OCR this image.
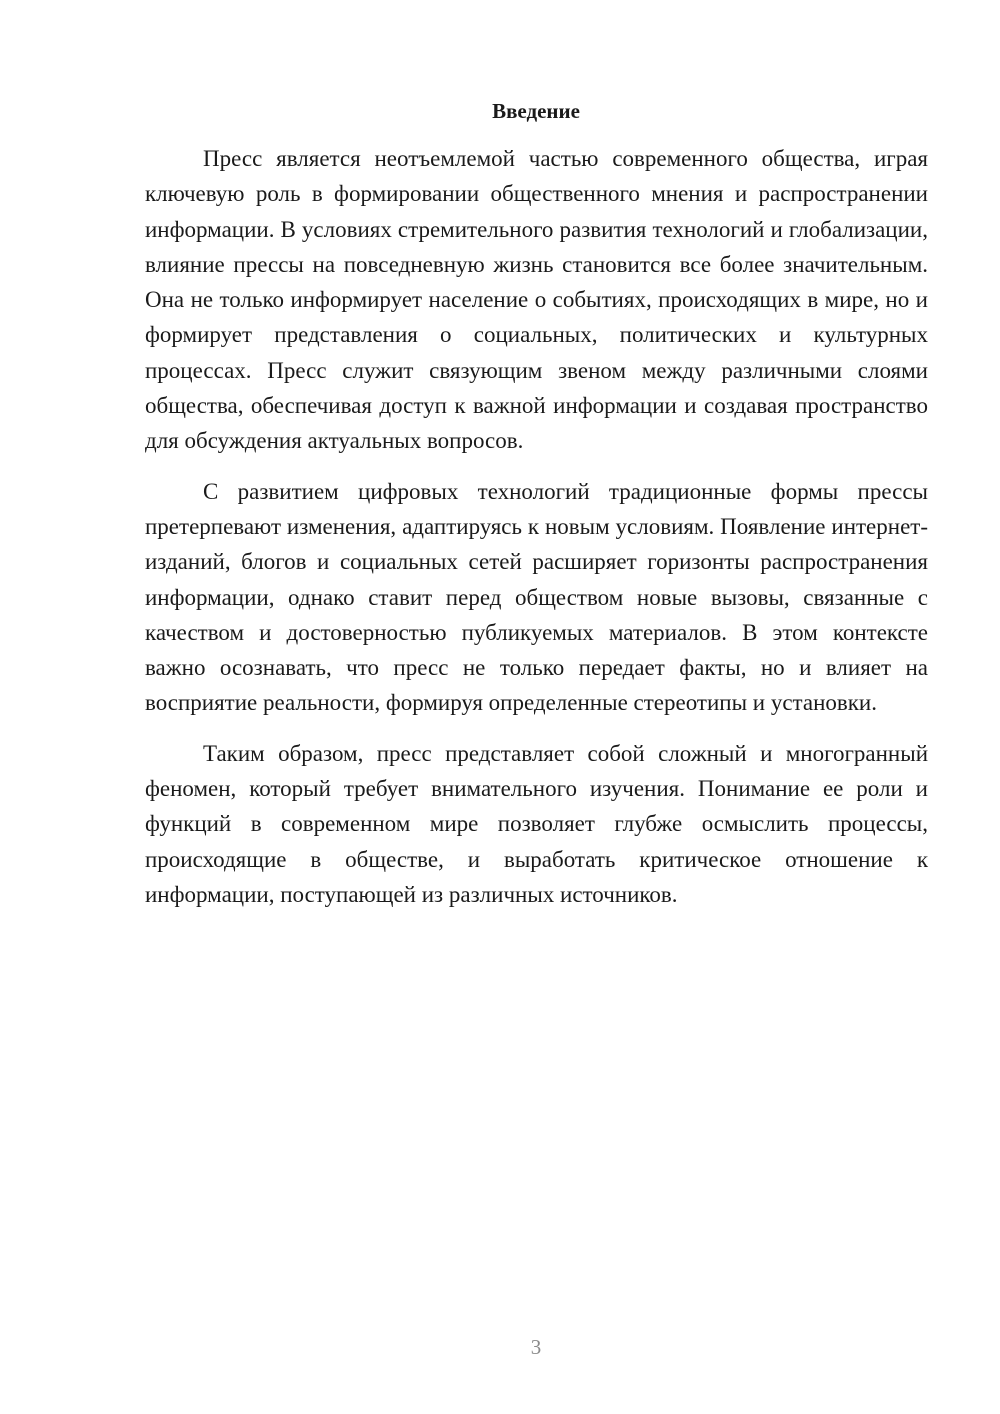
Введение

Пресс является неотъемлемой частью современного общества, играя ключевую роль в формировании общественного мнения и распространении информации. В условиях стремительного развития технологий и глобализации, влияние прессы на повседневную жизнь становится все более значительным. Она не только информирует население о событиях, происходящих в мире, но и формирует представления о социальных, политических и культурных процессах. Пресс служит связующим звеном между различными слоями общества, обеспечивая доступ к важной информации и создавая пространство для обсуждения актуальных вопросов.

С развитием цифровых технологий традиционные формы прессы претерпевают изменения, адаптируясь к новым условиям. Появление интернет-изданий, блогов и социальных сетей расширяет горизонты распространения информации, однако ставит перед обществом новые вызовы, связанные с качеством и достоверностью публикуемых материалов. В этом контексте важно осознавать, что пресс не только передает факты, но и влияет на восприятие реальности, формируя определенные стереотипы и установки.

Таким образом, пресс представляет собой сложный и многогранный феномен, который требует внимательного изучения. Понимание ее роли и функций в современном мире позволяет глубже осмыслить процессы, происходящие в обществе, и выработать критическое отношение к информации, поступающей из различных источников.

3
